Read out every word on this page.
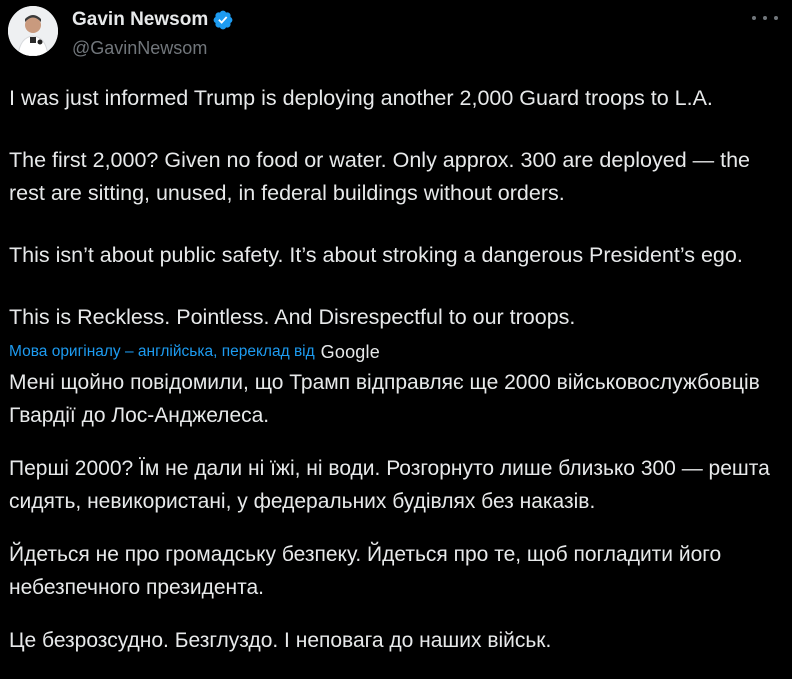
Gavin Newsom
@GavinNewsom

I was just informed Trump is deploying another 2,000 Guard troops to L.A.

The first 2,000? Given no food or water. Only approx. 300 are deployed — the rest are sitting, unused, in federal buildings without orders.

This isn’t about public safety. It’s about stroking a dangerous President’s ego.

This is Reckless. Pointless. And Disrespectful to our troops.

Мова оригіналу – англійська, переклад від Google

Мені щойно повідомили, що Трамп відправляє ще 2000 військовослужбовців Гвардії до Лос-Анджелеса.

Перші 2000? Їм не дали ні їжі, ні води. Розгорнуто лише близько 300 — решта сидять, невикористані, у федеральних будівлях без наказів.

Йдеться не про громадську безпеку. Йдеться про те, щоб погладити його небезпечного президента.

Це безрозсудно. Безглуздо. І неповага до наших військ.
